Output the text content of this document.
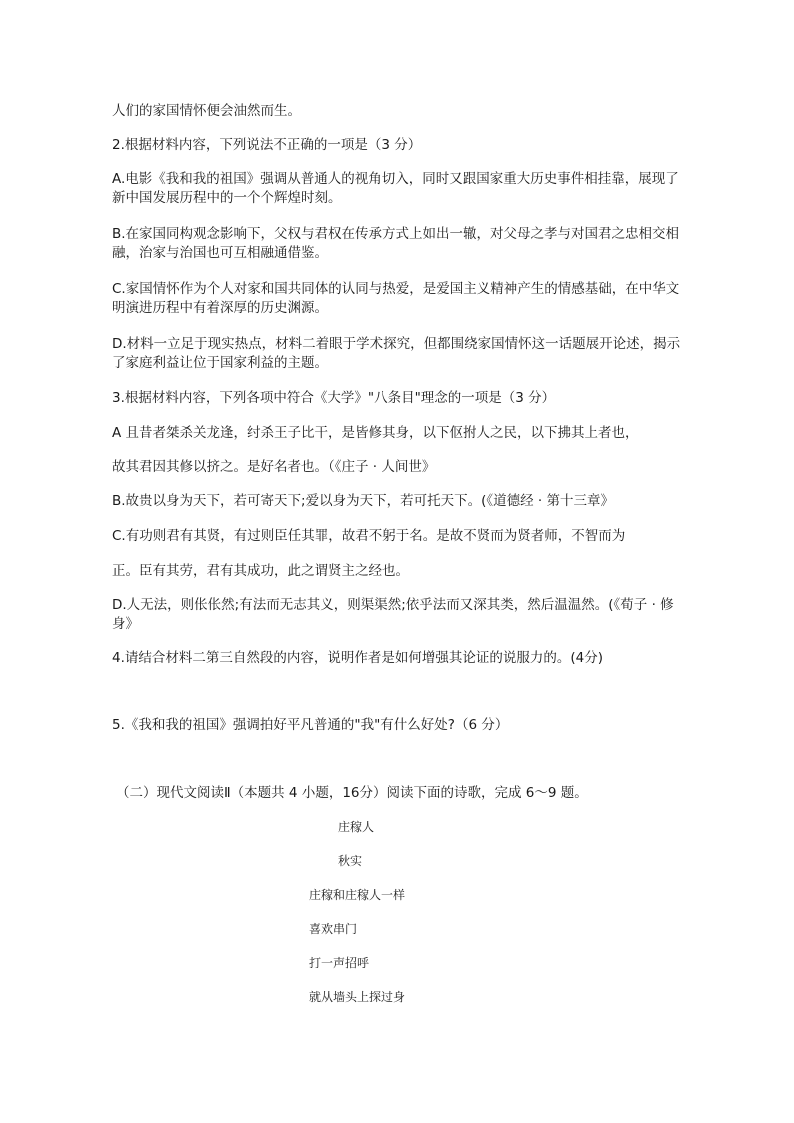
人们的家国情怀便会油然而生。
2.根据材料内容，下列说法不正确的一项是（3 分）
A.电影《我和我的祖国》强调从普通人的视角切入，同时又跟国家重大历史事件相挂靠，展现了
新中国发展历程中的一个个辉煌时刻。
B.在家国同构观念影响下，父权与君权在传承方式上如出一辙，对父母之孝与对国君之忠相交相
融，治家与治国也可互相融通借鉴。
C.家国情怀作为个人对家和国共同体的认同与热爱，是爱国主义精神产生的情感基础，在中华文
明演进历程中有着深厚的历史渊源。
D.材料一立足于现实热点，材料二着眼于学术探究，但都围绕家国情怀这一话题展开论述，揭示
了家庭利益让位于国家利益的主题。
3.根据材料内容，下列各项中符合《大学》"八条目"理念的一项是（3 分）
A 且昔者桀杀关龙逢，纣杀王子比干，是皆修其身，以下伛拊人之民，以下拂其上者也，
故其君因其修以挤之。是好名者也。（《庄子 · 人间世》
B.故贵以身为天下，若可寄天下;爱以身为天下，若可托天下。(《道德经 · 第十三章》
C.有功则君有其贤，有过则臣任其罪，故君不躬于名。是故不贤而为贤者师，不智而为
正。臣有其劳，君有其成功，此之谓贤主之经也。
D.人无法，则伥伥然;有法而无志其义，则渠渠然;依乎法而又深其类，然后温温然。(《荀子 · 修
身》
4.请结合材料二第三自然段的内容，说明作者是如何增强其论证的说服力的。(4分)
5.《我和我的祖国》强调拍好平凡普通的"我"有什么好处?（6 分）
（二）现代文阅读Ⅱ（本题共 4 小题，16分）阅读下面的诗歌，完成 6～9 题。
庄稼人
秋实
庄稼和庄稼人一样
喜欢串门
打一声招呼
就从墙头上探过身
